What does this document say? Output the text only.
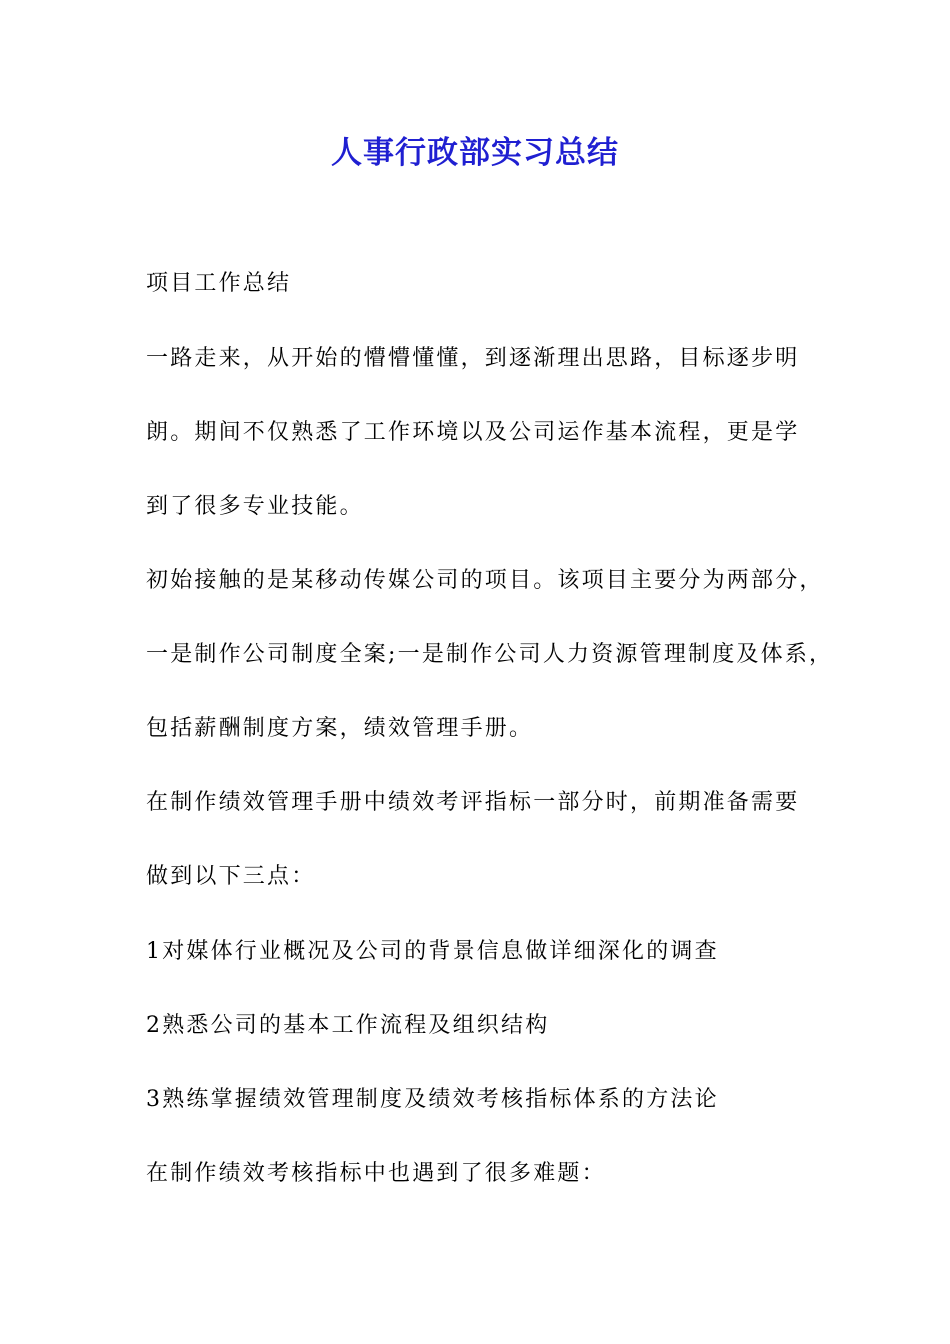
人事行政部实习总结

项目工作总结

一路走来，从开始的懵懵懂懂，到逐渐理出思路，目标逐步明

朗。期间不仅熟悉了工作环境以及公司运作基本流程，更是学

到了很多专业技能。

初始接触的是某移动传媒公司的项目。该项目主要分为两部分，

一是制作公司制度全案;一是制作公司人力资源管理制度及体系，

包括薪酬制度方案，绩效管理手册。

在制作绩效管理手册中绩效考评指标一部分时，前期准备需要

做到以下三点：

1对媒体行业概况及公司的背景信息做详细深化的调查

2熟悉公司的基本工作流程及组织结构

3熟练掌握绩效管理制度及绩效考核指标体系的方法论

在制作绩效考核指标中也遇到了很多难题：
